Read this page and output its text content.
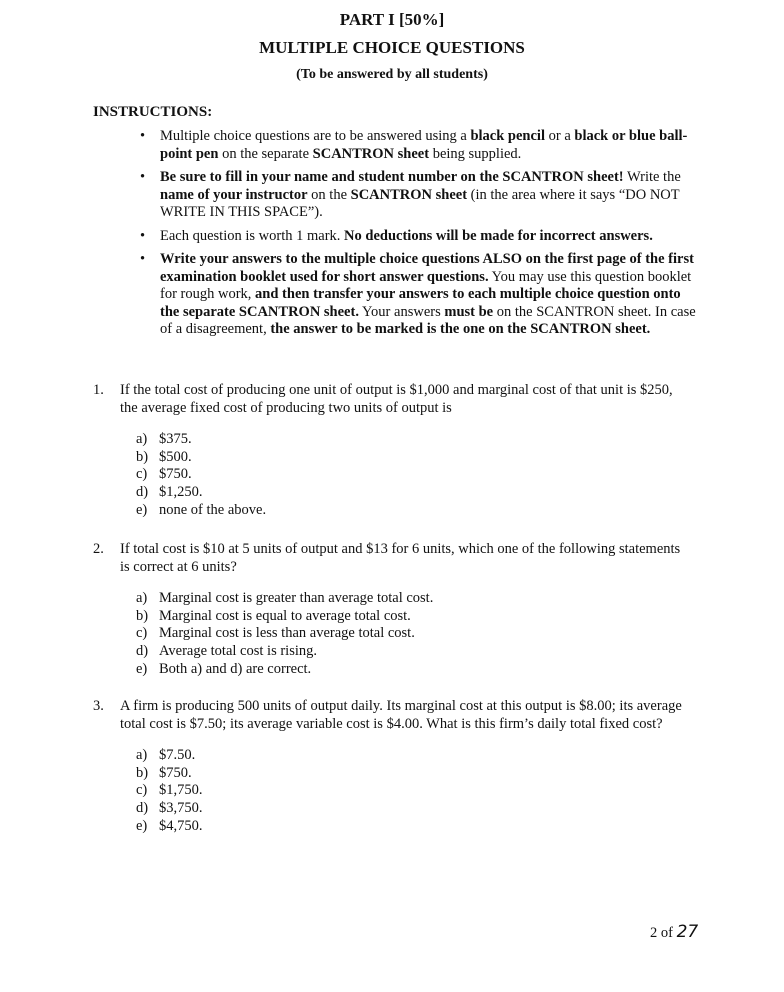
PART I [50%]
MULTIPLE CHOICE QUESTIONS
(To be answered by all students)
INSTRUCTIONS:
• Multiple choice questions are to be answered using a black pencil or a black or blue ball-point pen on the separate SCANTRON sheet being supplied.
• Be sure to fill in your name and student number on the SCANTRON sheet! Write the name of your instructor on the SCANTRON sheet (in the area where it says “DO NOT WRITE IN THIS SPACE”).
• Each question is worth 1 mark. No deductions will be made for incorrect answers.
• Write your answers to the multiple choice questions ALSO on the first page of the first examination booklet used for short answer questions. You may use this question booklet for rough work, and then transfer your answers to each multiple choice question onto the separate SCANTRON sheet. Your answers must be on the SCANTRON sheet. In case of a disagreement, the answer to be marked is the one on the SCANTRON sheet.
1. If the total cost of producing one unit of output is $1,000 and marginal cost of that unit is $250, the average fixed cost of producing two units of output is
a) $375.
b) $500.
c) $750.
d) $1,250.
e) none of the above.
2. If total cost is $10 at 5 units of output and $13 for 6 units, which one of the following statements is correct at 6 units?
a) Marginal cost is greater than average total cost.
b) Marginal cost is equal to average total cost.
c) Marginal cost is less than average total cost.
d) Average total cost is rising.
e) Both a) and d) are correct.
3. A firm is producing 500 units of output daily. Its marginal cost at this output is $8.00; its average total cost is $7.50; its average variable cost is $4.00. What is this firm’s daily total fixed cost?
a) $7.50.
b) $750.
c) $1,750.
d) $3,750.
e) $4,750.
2 of 27
